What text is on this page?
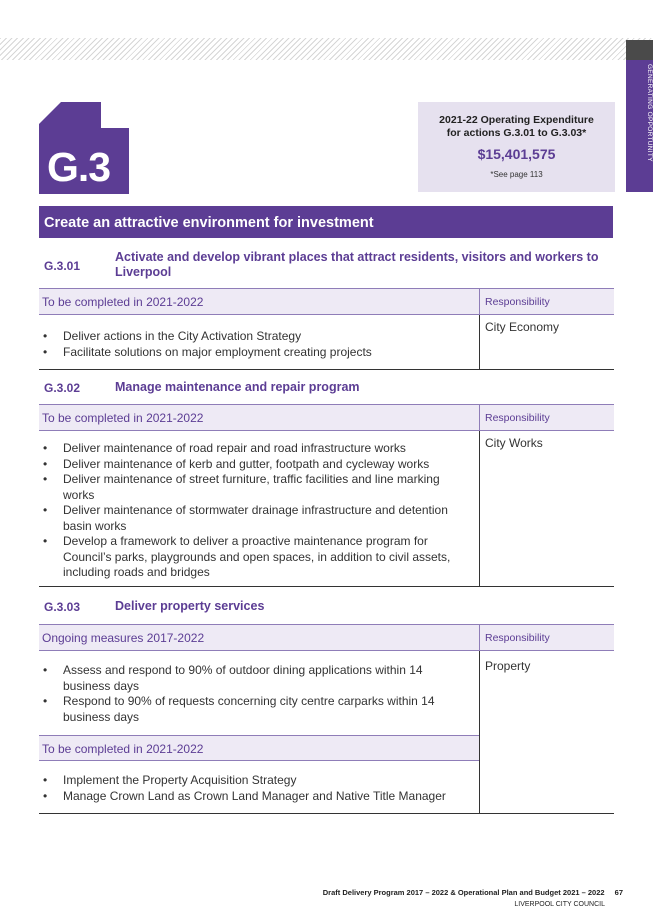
GENERATING OPPORTUNITY
G.3
2021-22 Operating Expenditure
for actions G.3.01 to G.3.03*
$15,401,575
*See page 113
Create an attractive environment for investment
G.3.01
Activate and develop vibrant places that attract residents, visitors and workers to Liverpool
To be completed in 2021-2022	Responsibility
• Deliver actions in the City Activation Strategy
• Facilitate solutions on major employment creating projects
City Economy
G.3.02	Manage maintenance and repair program
To be completed in 2021-2022	Responsibility
• Deliver maintenance of road repair and road infrastructure works
• Deliver maintenance of kerb and gutter, footpath and cycleway works
• Deliver maintenance of street furniture, traffic facilities and line marking works
• Deliver maintenance of stormwater drainage infrastructure and detention basin works
• Develop a framework to deliver a proactive maintenance program for Council’s parks, playgrounds and open spaces, in addition to civil assets, including roads and bridges
City Works
G.3.03	Deliver property services
Ongoing measures 2017-2022	Responsibility
• Assess and respond to 90% of outdoor dining applications within 14 business days
• Respond to 90% of requests concerning city centre carparks within 14 business days
Property
To be completed in 2021-2022
• Implement the Property Acquisition Strategy
• Manage Crown Land as Crown Land Manager and Native Title Manager
Draft Delivery Program 2017 – 2022 & Operational Plan and Budget 2021 – 2022 67
LIVERPOOL CITY COUNCIL
